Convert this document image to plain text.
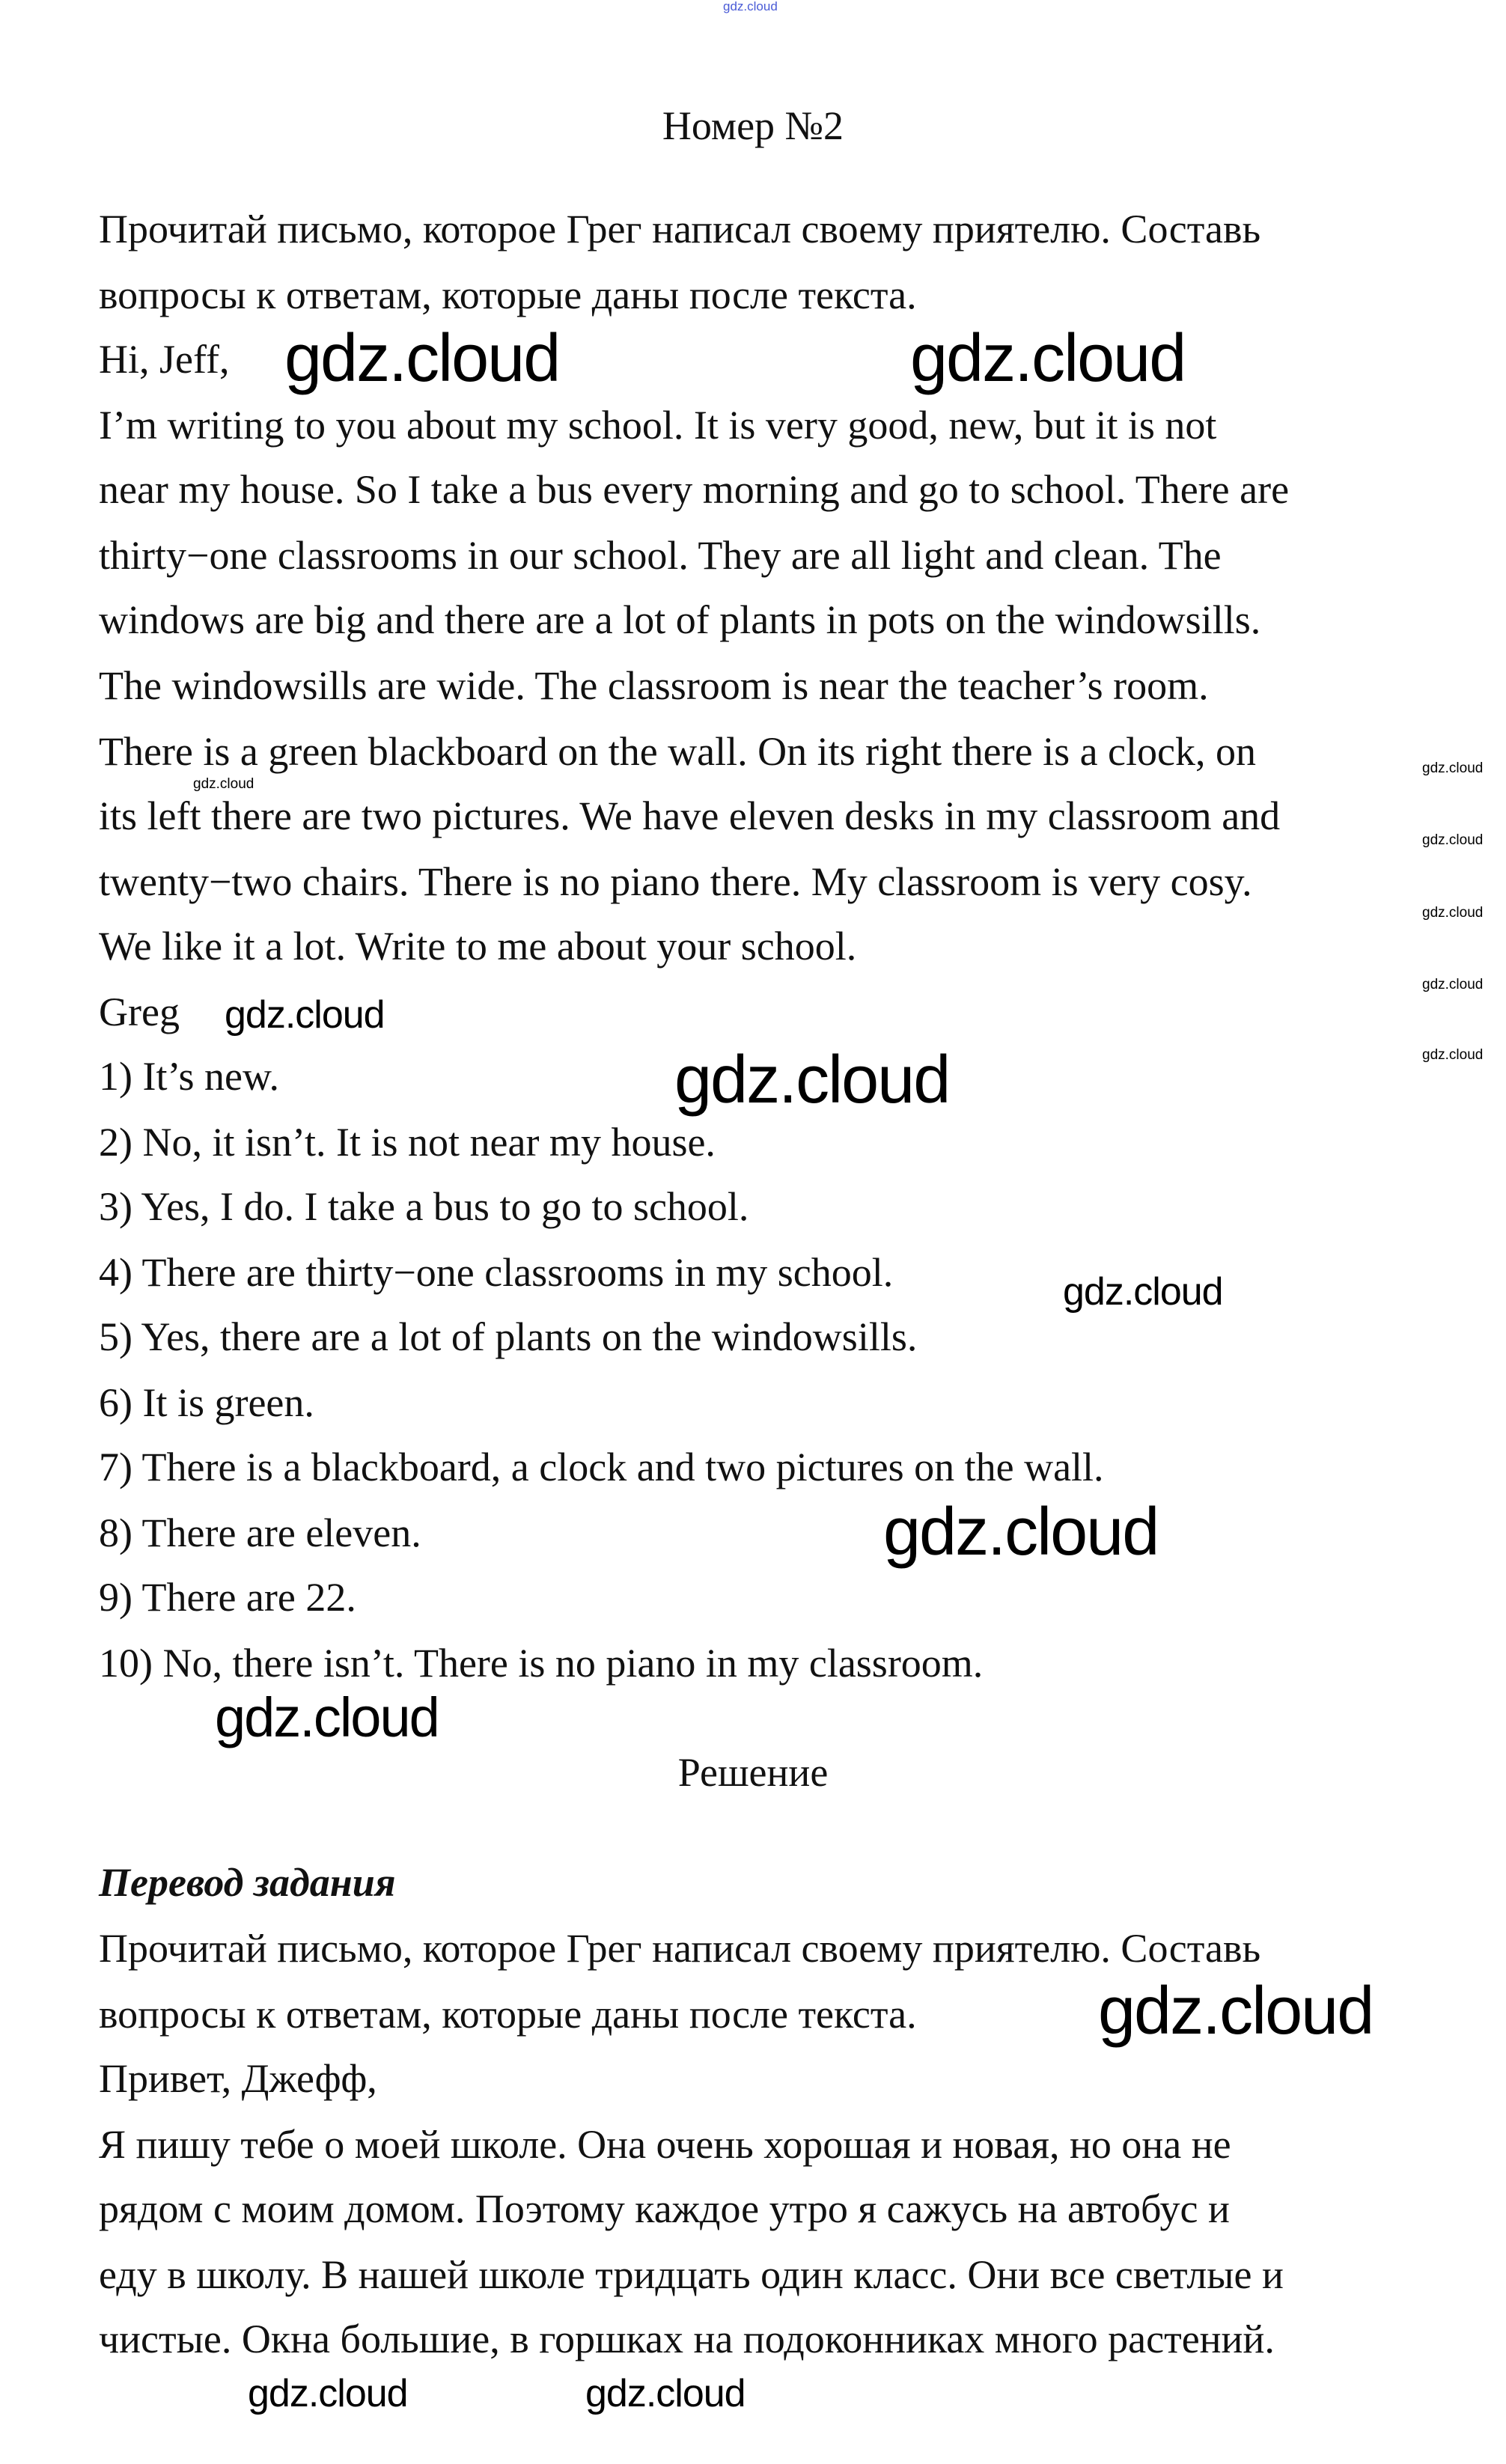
gdz.cloud
Номер №2
Прочитай письмо, которое Грег написал своему приятелю. Составь
вопросы к ответам, которые даны после текста.
Hi, Jeff,
I’m writing to you about my school. It is very good, new, but it is not
near my house. So I take a bus every morning and go to school. There are
thirty−one classrooms in our school. They are all light and clean. The
windows are big and there are a lot of plants in pots on the windowsills.
The windowsills are wide. The classroom is near the teacher’s room.
There is a green blackboard on the wall. On its right there is a clock, on
its left there are two pictures. We have eleven desks in my classroom and
twenty−two chairs. There is no piano there. My classroom is very cosy.
We like it a lot. Write to me about your school.
Greg
1) It’s new.
2) No, it isn’t. It is not near my house.
3) Yes, I do. I take a bus to go to school.
4) There are thirty−one classrooms in my school.
5) Yes, there are a lot of plants on the windowsills.
6) It is green.
7) There is a blackboard, a clock and two pictures on the wall.
8) There are eleven.
9) There are 22.
10) No, there isn’t. There is no piano in my classroom.
Решение
Перевод задания
Прочитай письмо, которое Грег написал своему приятелю. Составь
вопросы к ответам, которые даны после текста.
Привет, Джефф,
Я пишу тебе о моей школе. Она очень хорошая и новая, но она не
рядом с моим домом. Поэтому каждое утро я сажусь на автобус и
еду в школу. В нашей школе тридцать один класс. Они все светлые и
чистые. Окна большие, в горшках на подоконниках много растений.
gdz.cloud	gdz.cloud
gdz.cloud
gdz.cloud
gdz.cloud
gdz.cloud
gdz.cloud
gdz.cloud
gdz.cloud	gdz.cloud
gdz.cloud
gdz.cloud
gdz.cloud
gdz.cloud
gdz.cloud
gdz.cloud
